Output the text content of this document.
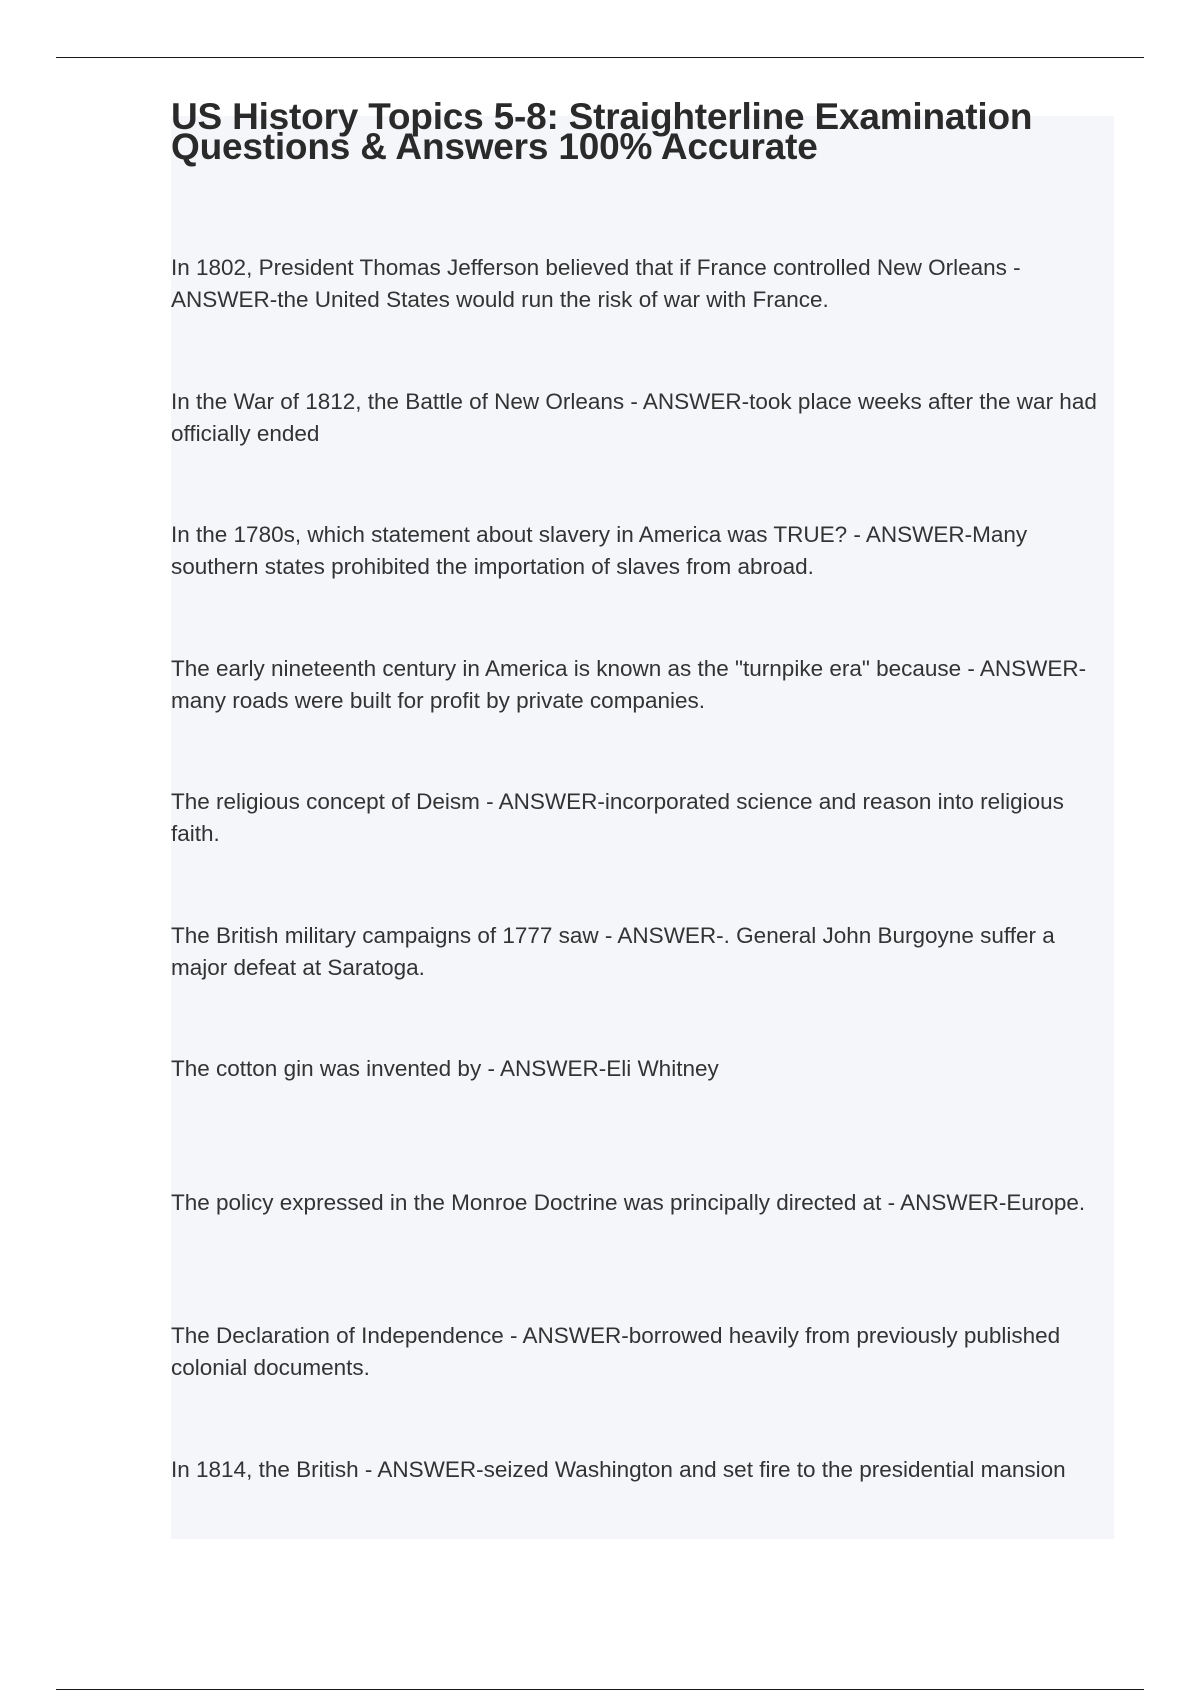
US History Topics 5-8: Straighterline Examination Questions & Answers 100% Accurate
In 1802, President Thomas Jefferson believed that if France controlled New Orleans - ANSWER-the United States would run the risk of war with France.
In the War of 1812, the Battle of New Orleans - ANSWER-took place weeks after the war had officially ended
In the 1780s, which statement about slavery in America was TRUE? - ANSWER-Many southern states prohibited the importation of slaves from abroad.
The early nineteenth century in America is known as the "turnpike era" because - ANSWER-many roads were built for profit by private companies.
The religious concept of Deism - ANSWER-incorporated science and reason into religious faith.
The British military campaigns of 1777 saw - ANSWER-. General John Burgoyne suffer a major defeat at Saratoga.
The cotton gin was invented by - ANSWER-Eli Whitney
The policy expressed in the Monroe Doctrine was principally directed at - ANSWER-Europe.
The Declaration of Independence - ANSWER-borrowed heavily from previously published colonial documents.
In 1814, the British - ANSWER-seized Washington and set fire to the presidential mansion
